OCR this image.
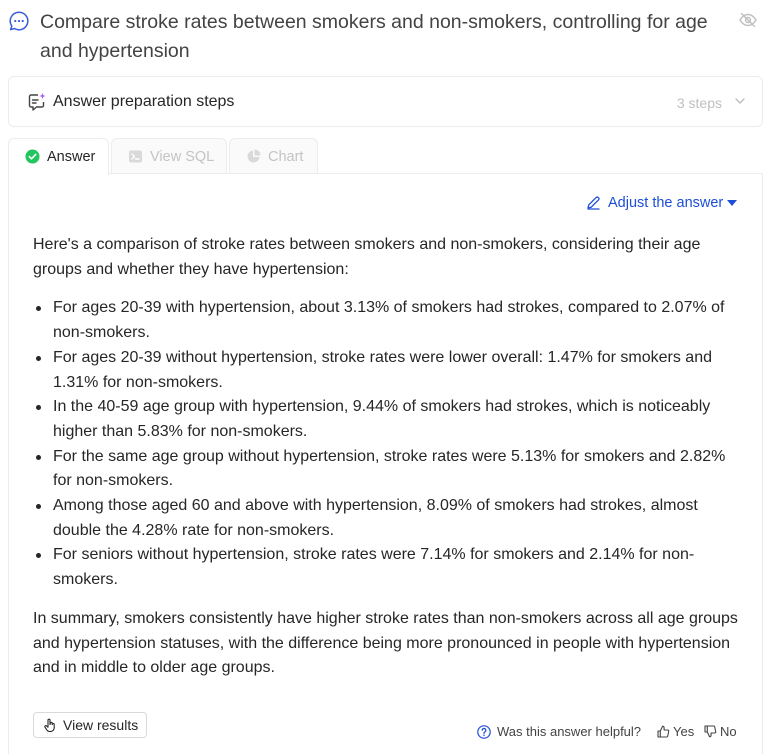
Compare stroke rates between smokers and non-smokers, controlling for age and hypertension
Answer preparation steps	3 steps
Answer	View SQL	Chart
Adjust the answer

Here's a comparison of stroke rates between smokers and non-smokers, considering their age groups and whether they have hypertension:

For ages 20-39 with hypertension, about 3.13% of smokers had strokes, compared to 2.07% of non-smokers.
For ages 20-39 without hypertension, stroke rates were lower overall: 1.47% for smokers and 1.31% for non-smokers.
In the 40-59 age group with hypertension, 9.44% of smokers had strokes, which is noticeably higher than 5.83% for non-smokers.
For the same age group without hypertension, stroke rates were 5.13% for smokers and 2.82% for non-smokers.
Among those aged 60 and above with hypertension, 8.09% of smokers had strokes, almost double the 4.28% rate for non-smokers.
For seniors without hypertension, stroke rates were 7.14% for smokers and 2.14% for non-smokers.

In summary, smokers consistently have higher stroke rates than non-smokers across all age groups and hypertension statuses, with the difference being more pronounced in people with hypertension and in middle to older age groups.

View results	Was this answer helpful? Yes No
